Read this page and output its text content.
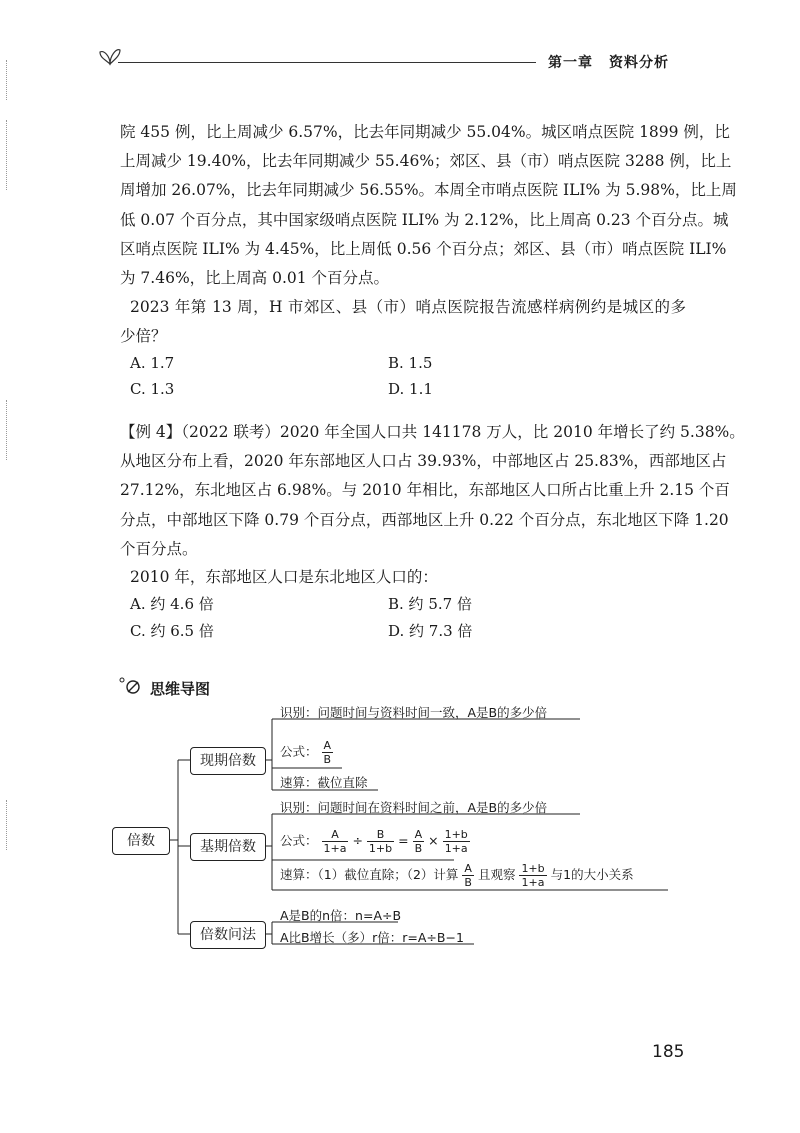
第一章 资料分析
院 455 例，比上周减少 6.57%，比去年同期减少 55.04%。城区哨点医院 1899 例，比
上周减少 19.40%，比去年同期减少 55.46%；郊区、县（市）哨点医院 3288 例，比上
周增加 26.07%，比去年同期减少 56.55%。本周全市哨点医院 ILI% 为 5.98%，比上周
低 0.07 个百分点，其中国家级哨点医院 ILI% 为 2.12%，比上周高 0.23 个百分点。城
区哨点医院 ILI% 为 4.45%，比上周低 0.56 个百分点；郊区、县（市）哨点医院 ILI%
为 7.46%，比上周高 0.01 个百分点。
2023 年第 13 周，H 市郊区、县（市）哨点医院报告流感样病例约是城区的多
少倍？
A. 1.7	B. 1.5
C. 1.3	D. 1.1
【例 4】（2022 联考）2020 年全国人口共 141178 万人，比 2010 年增长了约 5.38%。
从地区分布上看，2020 年东部地区人口占 39.93%，中部地区占 25.83%，西部地区占
27.12%，东北地区占 6.98%。与 2010 年相比，东部地区人口所占比重上升 2.15 个百
分点，中部地区下降 0.79 个百分点，西部地区上升 0.22 个百分点，东北地区下降 1.20
个百分点。
2010 年，东部地区人口是东北地区人口的：
A. 约 4.6 倍	B. 约 5.7 倍
C. 约 6.5 倍	D. 约 7.3 倍
思维导图
倍数
现期倍数
基期倍数
倍数问法
识别：问题时间与资料时间一致，A是B的多少倍
公式： $\frac{A}{B}$
速算：截位直除
识别：问题时间在资料时间之前，A是B的多少倍
公式： $\frac{A}{1+a} \div \frac{B}{1+b} = \frac{A}{B} \times \frac{1+b}{1+a}$
速算：（1）截位直除；（2）计算 $\frac{A}{B}$ 且观察 $\frac{1+b}{1+a}$ 与1的大小关系
A是B的n倍：n=A÷B
A比B增长（多）r倍：r=A÷B−1
185
